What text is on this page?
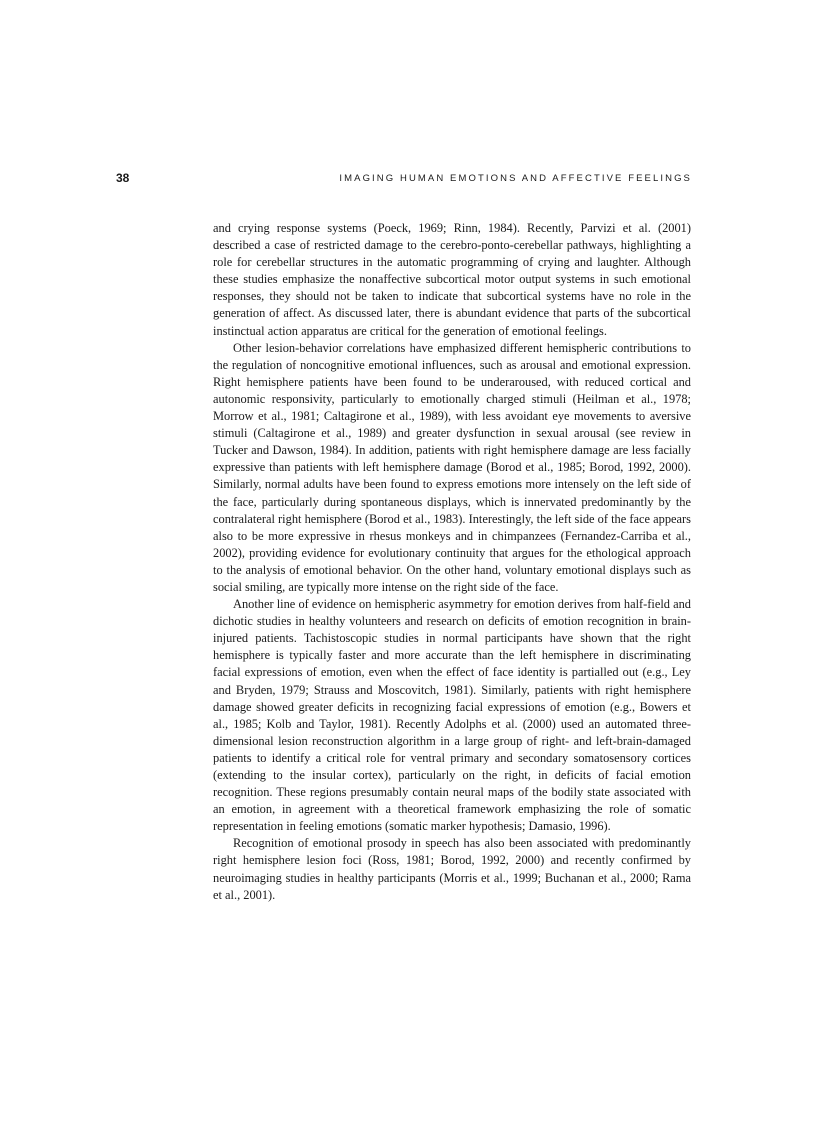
38	IMAGING HUMAN EMOTIONS AND AFFECTIVE FEELINGS

and crying response systems (Poeck, 1969; Rinn, 1984). Recently, Parvizi et al. (2001) described a case of restricted damage to the cerebro-ponto-cerebellar pathways, highlighting a role for cerebellar structures in the automatic programming of crying and laughter. Although these studies emphasize the nonaffective subcortical motor output systems in such emotional responses, they should not be taken to indicate that subcortical systems have no role in the generation of affect. As discussed later, there is abundant evidence that parts of the subcortical instinctual action apparatus are critical for the generation of emotional feelings.

Other lesion-behavior correlations have emphasized different hemispheric contributions to the regulation of noncognitive emotional influences, such as arousal and emotional expression. Right hemisphere patients have been found to be underaroused, with reduced cortical and autonomic responsivity, particularly to emotionally charged stimuli (Heilman et al., 1978; Morrow et al., 1981; Caltagirone et al., 1989), with less avoidant eye movements to aversive stimuli (Caltagirone et al., 1989) and greater dysfunction in sexual arousal (see review in Tucker and Dawson, 1984). In addition, patients with right hemisphere damage are less facially expressive than patients with left hemisphere damage (Borod et al., 1985; Borod, 1992, 2000). Similarly, normal adults have been found to express emotions more intensely on the left side of the face, particularly during spontaneous displays, which is innervated predominantly by the contralateral right hemisphere (Borod et al., 1983). Interestingly, the left side of the face appears also to be more expressive in rhesus monkeys and in chimpanzees (Fernandez-Carriba et al., 2002), providing evidence for evolutionary continuity that argues for the ethological approach to the analysis of emotional behavior. On the other hand, voluntary emotional displays such as social smiling, are typically more intense on the right side of the face.

Another line of evidence on hemispheric asymmetry for emotion derives from half-field and dichotic studies in healthy volunteers and research on deficits of emotion recognition in brain-injured patients. Tachistoscopic studies in normal participants have shown that the right hemisphere is typically faster and more accurate than the left hemisphere in discriminating facial expressions of emotion, even when the effect of face identity is partialled out (e.g., Ley and Bryden, 1979; Strauss and Moscovitch, 1981). Similarly, patients with right hemisphere damage showed greater deficits in recognizing facial expressions of emotion (e.g., Bowers et al., 1985; Kolb and Taylor, 1981). Recently Adolphs et al. (2000) used an automated three-dimensional lesion reconstruction algorithm in a large group of right- and left-brain-damaged patients to identify a critical role for ventral primary and secondary somatosensory cortices (extending to the insular cortex), particularly on the right, in deficits of facial emotion recognition. These regions presumably contain neural maps of the bodily state associated with an emotion, in agreement with a theoretical framework emphasizing the role of somatic representation in feeling emotions (somatic marker hypothesis; Damasio, 1996).

Recognition of emotional prosody in speech has also been associated with predominantly right hemisphere lesion foci (Ross, 1981; Borod, 1992, 2000) and recently confirmed by neuroimaging studies in healthy participants (Morris et al., 1999; Buchanan et al., 2000; Rama et al., 2001).
